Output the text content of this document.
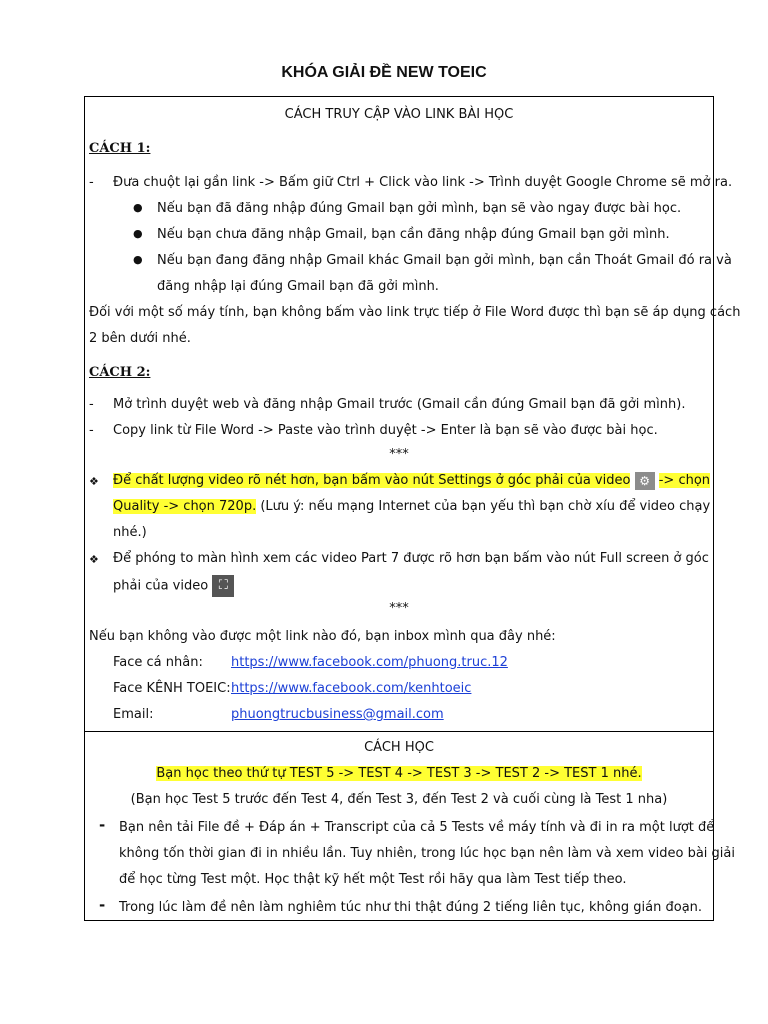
KHÓA GIẢI ĐỀ NEW TOEIC
CÁCH TRUY CẬP VÀO LINK BÀI HỌC
CÁCH 1:
- Đưa chuột lại gần link -> Bấm giữ Ctrl + Click vào link -> Trình duyệt Google Chrome sẽ mở ra.
● Nếu bạn đã đăng nhập đúng Gmail bạn gởi mình, bạn sẽ vào ngay được bài học.
● Nếu bạn chưa đăng nhập Gmail, bạn cần đăng nhập đúng Gmail bạn gởi mình.
● Nếu bạn đang đăng nhập Gmail khác Gmail bạn gởi mình, bạn cần Thoát Gmail đó ra và
đăng nhập lại đúng Gmail bạn đã gởi mình.
Đối với một số máy tính, bạn không bấm vào link trực tiếp ở File Word được thì bạn sẽ áp dụng cách
2 bên dưới nhé.
CÁCH 2:
- Mở trình duyệt web và đăng nhập Gmail trước (Gmail cần đúng Gmail bạn đã gởi mình).
- Copy link từ File Word -> Paste vào trình duyệt -> Enter là bạn sẽ vào được bài học.
***
❖ Để chất lượng video rõ nét hơn, bạn bấm vào nút Settings ở góc phải của video ⚙ -> chọn
Quality -> chọn 720p. (Lưu ý: nếu mạng Internet của bạn yếu thì bạn chờ xíu để video chạy
nhé.)
❖ Để phóng to màn hình xem các video Part 7 được rõ hơn bạn bấm vào nút Full screen ở góc
phải của video ⛶
***
Nếu bạn không vào được một link nào đó, bạn inbox mình qua đây nhé:
Face cá nhân: https://www.facebook.com/phuong.truc.12
Face KÊNH TOEIC: https://www.facebook.com/kenhtoeic
Email:	phuongtrucbusiness@gmail.com
CÁCH HỌC
Bạn học theo thứ tự TEST 5 -> TEST 4 -> TEST 3 -> TEST 2 -> TEST 1 nhé.
(Bạn học Test 5 trước đến Test 4, đến Test 3, đến Test 2 và cuối cùng là Test 1 nha)
- Bạn nên tải File đề + Đáp án + Transcript của cả 5 Tests về máy tính và đi in ra một lượt để
không tốn thời gian đi in nhiều lần. Tuy nhiên, trong lúc học bạn nên làm và xem video bài giải
để học từng Test một. Học thật kỹ hết một Test rồi hãy qua làm Test tiếp theo.
- Trong lúc làm đề nên làm nghiêm túc như thi thật đúng 2 tiếng liên tục, không gián đoạn.
